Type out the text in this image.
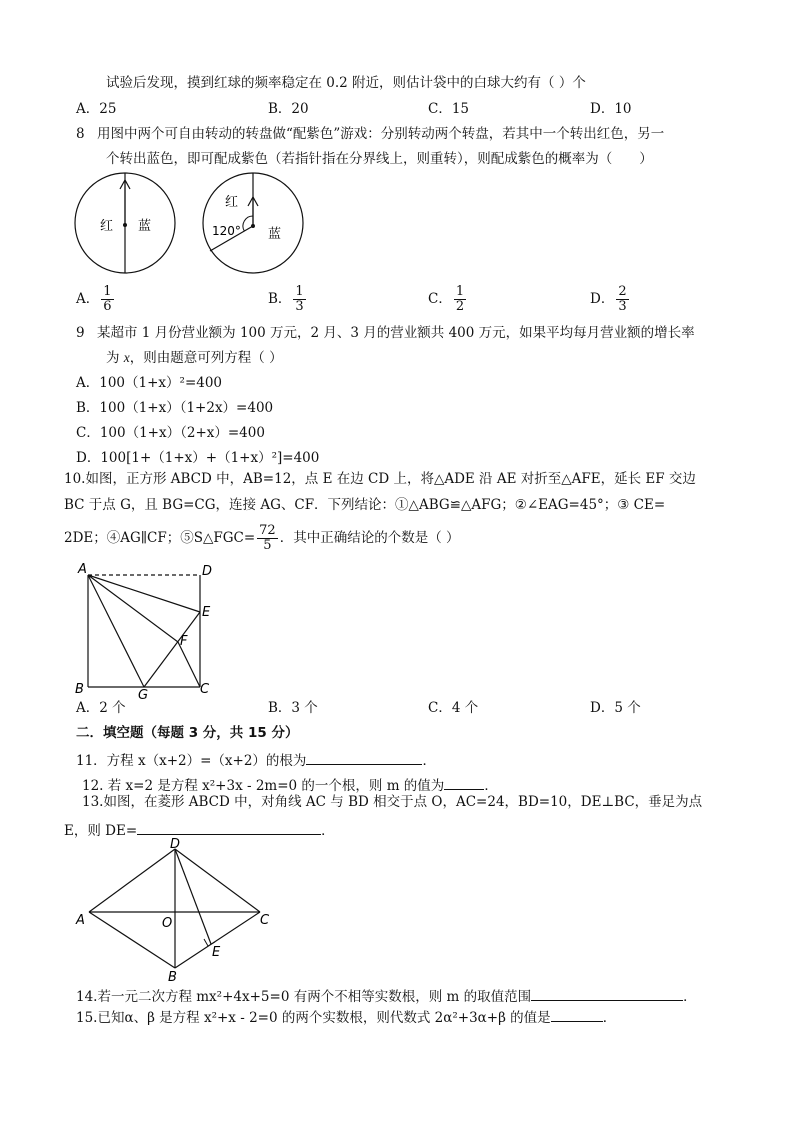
试验后发现，摸到红球的频率稳定在 0.2 附近，则估计袋中的白球大约有（ ）个
A．25	B．20	C．15	D．10
8 用图中两个可自由转动的转盘做“配紫色”游戏：分别转动两个转盘，若其中一个转出红色，另一
个转出蓝色，即可配成紫色（若指针指在分界线上，则重转），则配成紫色的概率为（　　）
红 蓝
红
120° 蓝
A． $\frac{1}{6}$	B． $\frac{1}{3}$	C． $\frac{1}{2}$	D． $\frac{2}{3}$
9 某超市 1 月份营业额为 100 万元，2 月、3 月的营业额共 400 万元，如果平均每月营业额的增长率
为 x，则由题意可列方程（ ）
A．100（1+x）²=400
B．100（1+x）（1+2x）=400
C．100（1+x）（2+x）=400
D．100[1+（1+x）+（1+x）²]=400
10.如图，正方形 ABCD 中，AB=12，点 E 在边 CD 上，将△ADE 沿 AE 对折至△AFE，延长 EF 交边
BC 于点 G，且 BG=CG，连接 AG、CF．下列结论：①△ABG≌△AFG；②∠EAG=45°；③ CE=
2DE；④AG∥CF；⑤S△FGC= $\frac{72}{5}$ ．其中正确结论的个数是（ ）
A	D
E
F
B	G	C
A．2 个	B．3 个	C．4 个	D．5 个
二．填空题（每题 3 分，共 15 分）
11．方程 x（x+2）=（x+2）的根为	．
12. 若 x=2 是方程 x²+3x - 2m=0 的一个根，则 m 的值为	．
13.如图，在菱形 ABCD 中，对角线 AC 与 BD 相交于点 O，AC=24，BD=10，DE⊥BC，垂足为点
E，则 DE=	．
A
D
C
B
O
E
14.若一元二次方程 mx²+4x+5=0 有两个不相等实数根，则 m 的取值范围	．
15.已知α、β 是方程 x²+x - 2=0 的两个实数根，则代数式 2α²+3α+β 的值是	．
